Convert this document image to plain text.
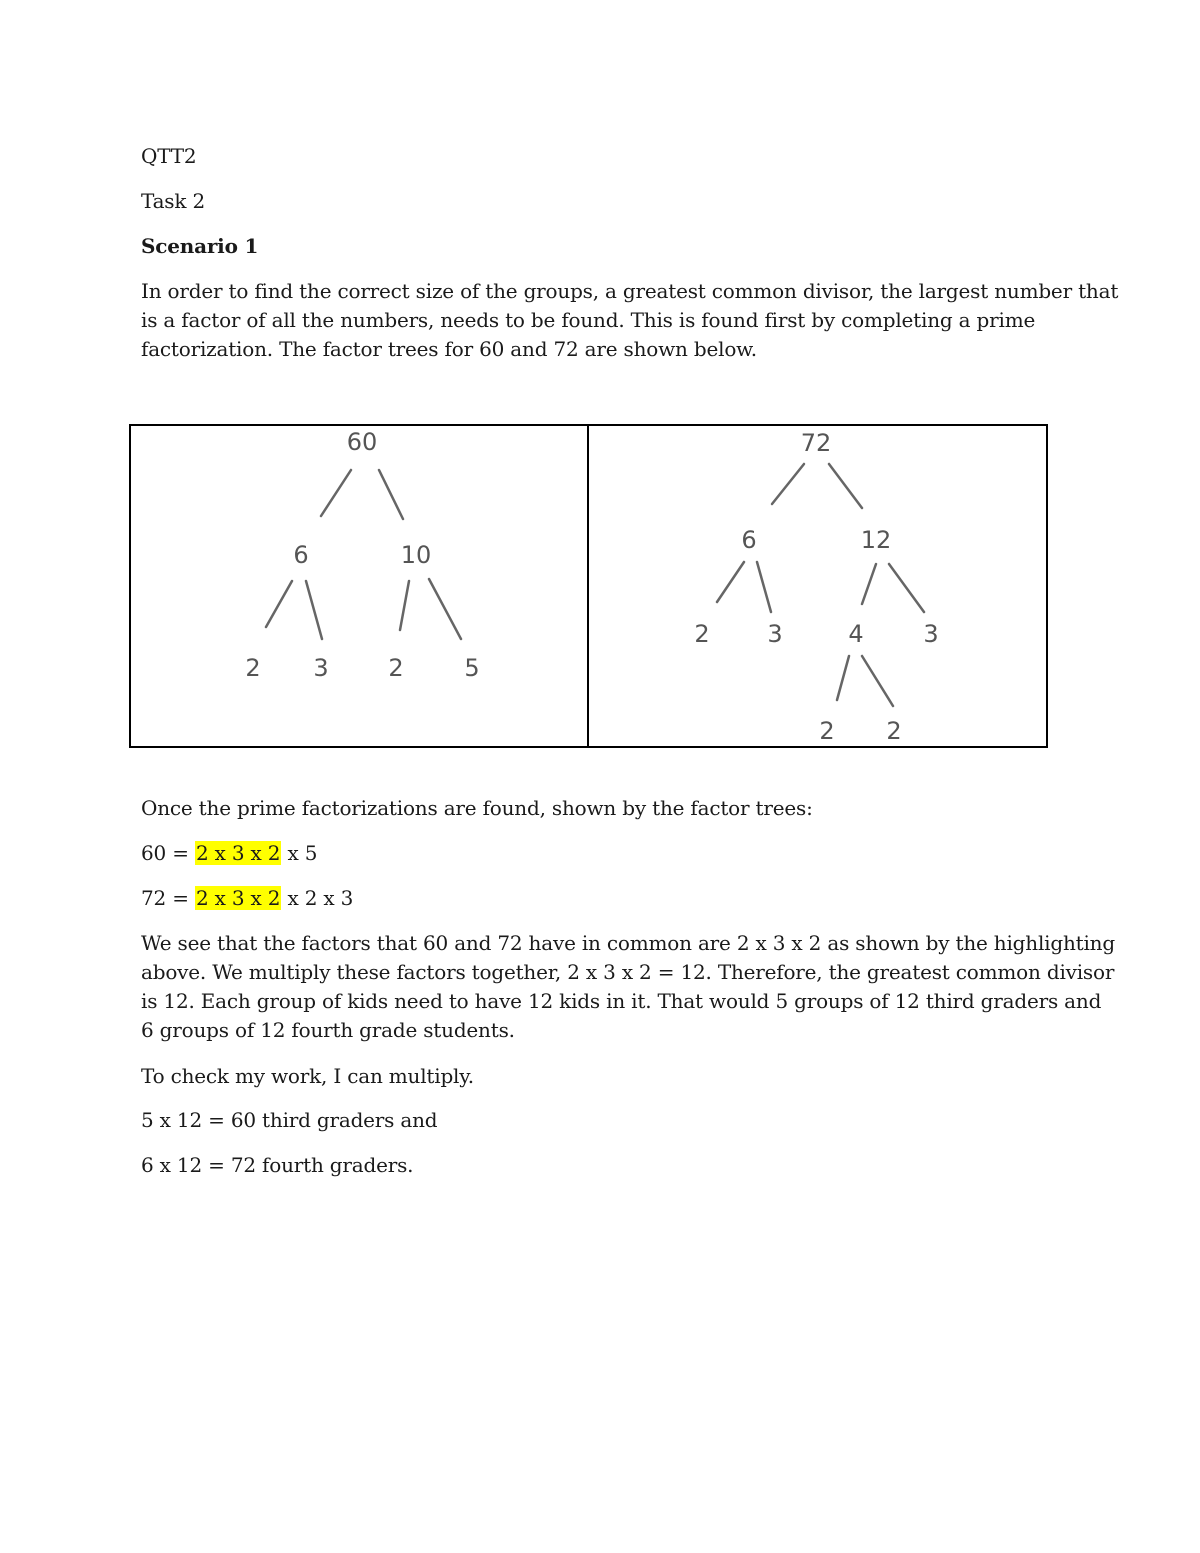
QTT2
Task 2
Scenario 1
In order to find the correct size of the groups, a greatest common divisor, the largest number that
is a factor of all the numbers, needs to be found. This is found first by completing a prime
factorization. The factor trees for 60 and 72 are shown below.
60
6	10
2 3 2	5
72
6	12
2 3	4 3
2 2
Once the prime factorizations are found, shown by the factor trees:
60 = 2 x 3 x 2 x 5
72 = 2 x 3 x 2 x 2 x 3
We see that the factors that 60 and 72 have in common are 2 x 3 x 2 as shown by the highlighting
above. We multiply these factors together, 2 x 3 x 2 = 12. Therefore, the greatest common divisor
is 12. Each group of kids need to have 12 kids in it. That would 5 groups of 12 third graders and
6 groups of 12 fourth grade students.
To check my work, I can multiply.
5 x 12 = 60 third graders and
6 x 12 = 72 fourth graders.
